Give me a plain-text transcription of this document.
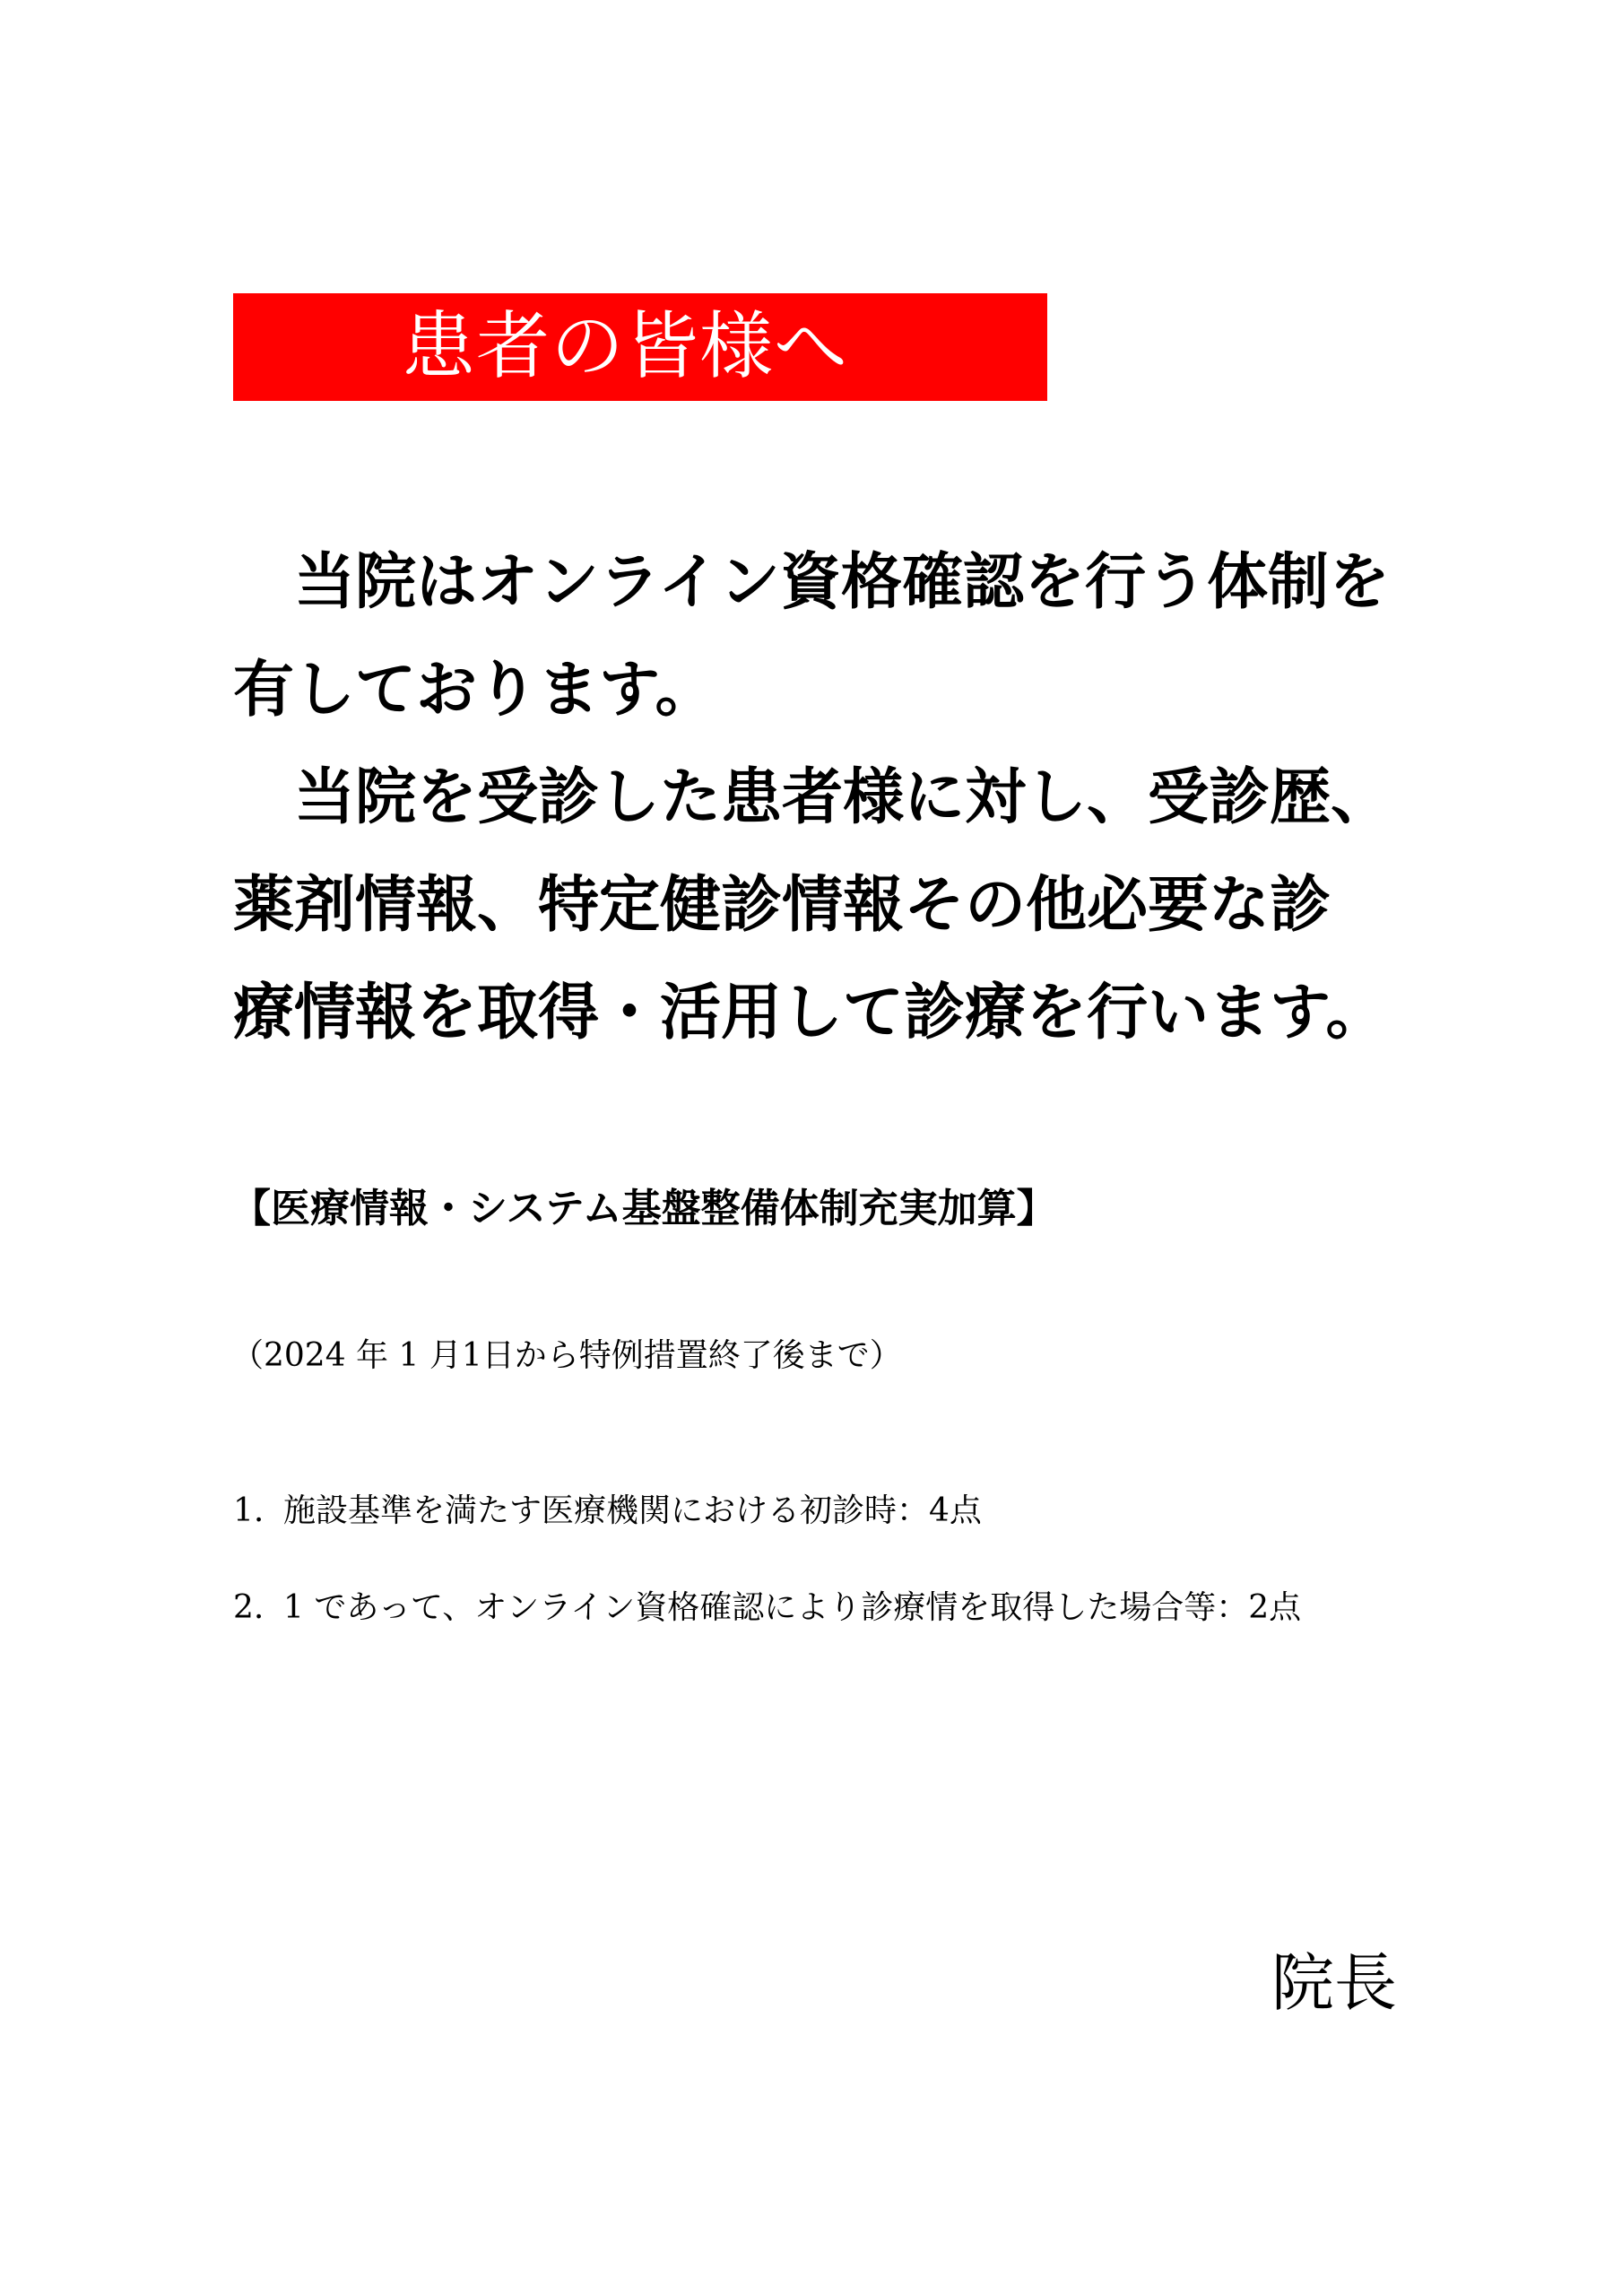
患者の皆様へ
　当院はオンライン資格確認を行う体制を
有しております。
　当院を受診した患者様に対し、受診歴、
薬剤情報、特定健診情報その他必要な診
療情報を取得・活用して診療を行います。
【医療情報・システム基盤整備体制充実加算】
（2024 年 1 月1日から特例措置終了後まで）
1. 施設基準を満たす医療機関における初診時：4点
2. 1 であって、オンライン資格確認により診療情を取得した場合等：2点
院長
